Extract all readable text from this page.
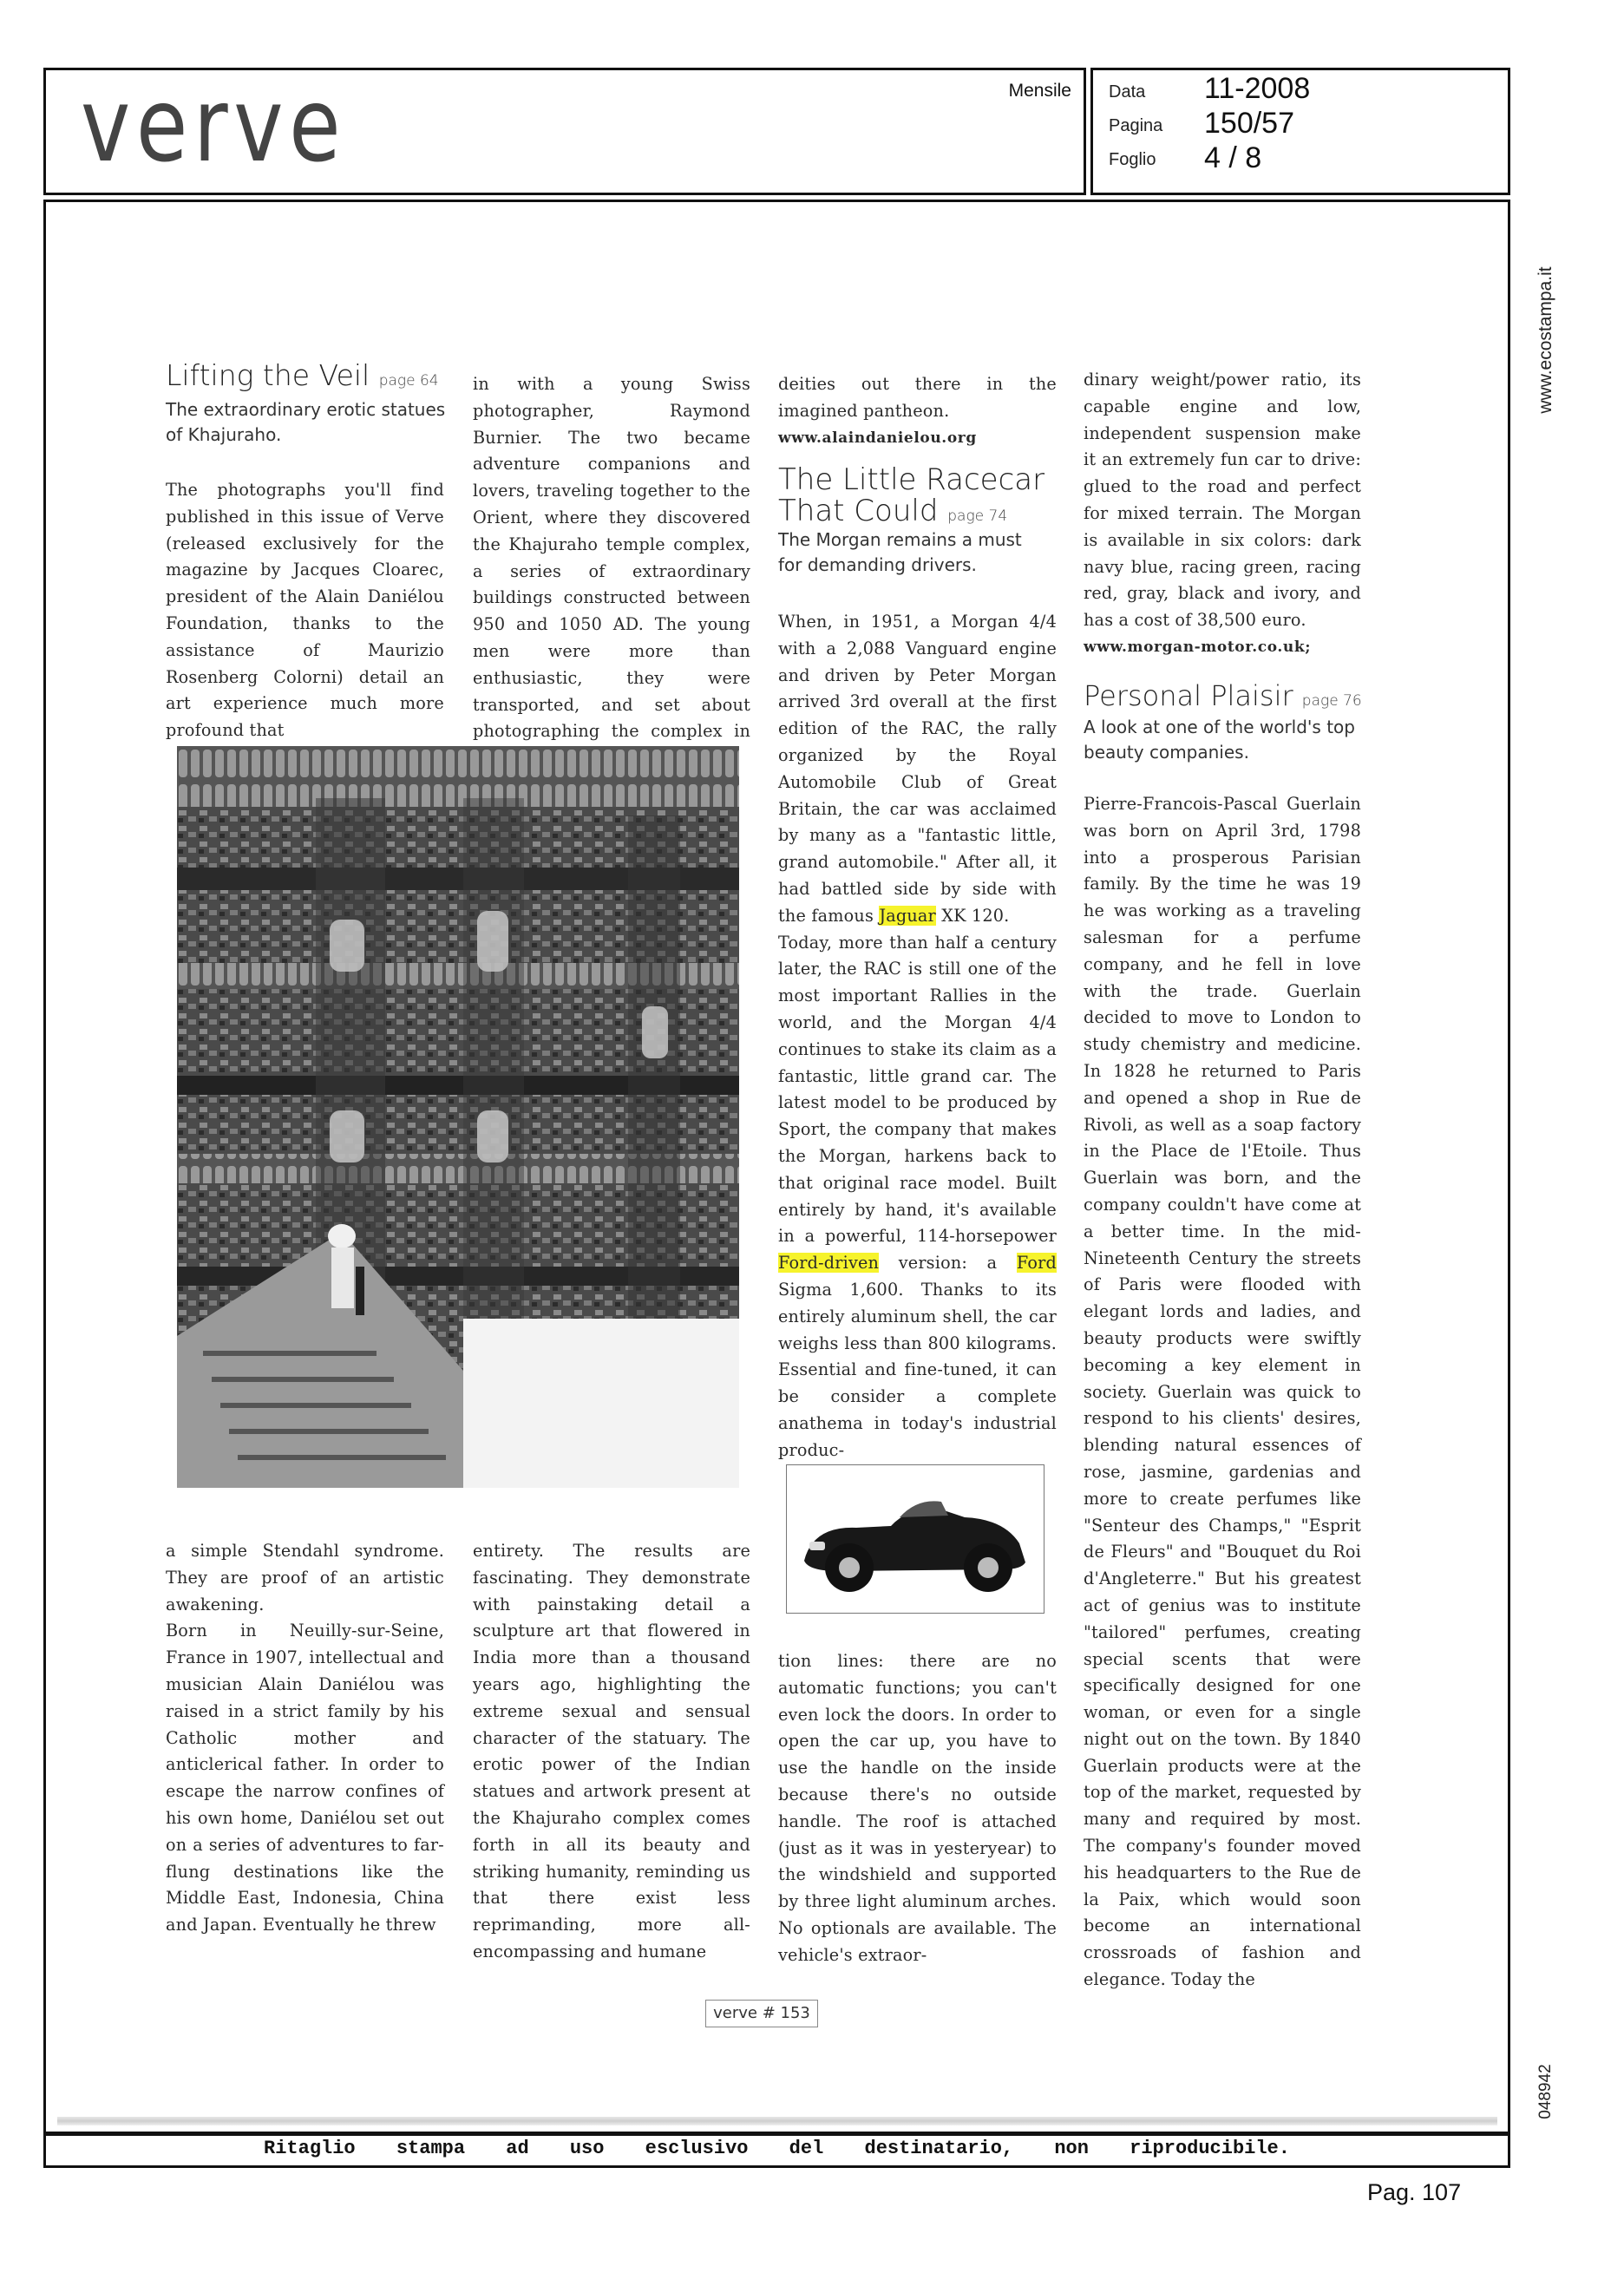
verve	Mensile Data 11-2008
Pagina 150/57
Foglio 4 / 8
www.ecostampa.it
048942
Lifting the Veil page 64
The extraordinary erotic statues of Khajuraho.

The photographs you'll find published in this issue of Verve (released exclusively for the magazine by Jacques Cloarec, president of the Alain Daniélou Foundation, thanks to the assistance of Maurizio Rosenberg Colorni) detail an art experience much more profound that

in with a young Swiss photographer, Raymond Burnier. The two became adventure companions and lovers, traveling together to the Orient, where they discovered the Khajuraho temple complex, a series of extraordinary buildings constructed between 950 and 1050 AD. The young men were more than enthusiastic, they were transported, and set about photographing the complex in

a simple Stendahl syndrome. They are proof of an artistic awakening.

Born in Neuilly-sur-Seine, France in 1907, intellectual and musician Alain Daniélou was raised in a strict family by his Catholic mother and anticlerical father. In order to escape the narrow confines of his own home, Daniélou set out on a series of adventures to far-flung destinations like the Middle East, Indonesia, China and Japan. Eventually he threw

entirety. The results are fascinating. They demonstrate with painstaking detail a sculpture art that flowered in India more than a thousand years ago, highlighting the extreme sexual and sensual character of the statuary. The erotic power of the Indian statues and artwork present at the Khajuraho complex comes forth in all its beauty and striking humanity, reminding us that there exist less reprimanding, more all-encompassing and humane

deities out there in the imagined pantheon.

www.alaindanielou.org

The Little Racecar
That Could page 74
The Morgan remains a must for demanding drivers.

When, in 1951, a Morgan 4/4 with a 2,088 Vanguard engine and driven by Peter Morgan arrived 3rd overall at the first edition of the RAC, the rally organized by the Royal Automobile Club of Great Britain, the car was acclaimed by many as a "fantastic little, grand automobile." After all, it had battled side by side with the famous Jaguar XK 120.

Today, more than half a century later, the RAC is still one of the most important Rallies in the world, and the Morgan 4/4 continues to stake its claim as a fantastic, little grand car. The latest model to be produced by Sport, the company that makes the Morgan, harkens back to that original race model. Built entirely by hand, it's available in a powerful, 114-horsepower Ford-driven version: a Ford Sigma 1,600. Thanks to its entirely aluminum shell, the car weighs less than 800 kilograms. Essential and fine-tuned, it can be consider a complete anathema in today's industrial produc-

tion lines: there are no automatic functions; you can't even lock the doors. In order to open the car up, you have to use the handle on the inside because there's no outside handle. The roof is attached (just as it was in yesteryear) to the windshield and supported by three light aluminum arches. No optionals are available. The vehicle's extraor-

dinary weight/power ratio, its capable engine and low, independent suspension make it an extremely fun car to drive: glued to the road and perfect for mixed terrain. The Morgan is available in six colors: dark navy blue, racing green, racing red, gray, black and ivory, and has a cost of 38,500 euro.

www.morgan-motor.co.uk;

Personal Plaisir page 76
A look at one of the world's top beauty companies.

Pierre-Francois-Pascal Guerlain was born on April 3rd, 1798 into a prosperous Parisian family. By the time he was 19 he was working as a traveling salesman for a perfume company, and he fell in love with the trade. Guerlain decided to move to London to study chemistry and medicine. In 1828 he returned to Paris and opened a shop in Rue de Rivoli, as well as a soap factory in the Place de l'Etoile. Thus Guerlain was born, and the company couldn't have come at a better time. In the mid-Nineteenth Century the streets of Paris were flooded with elegant lords and ladies, and beauty products were swiftly becoming a key element in society. Guerlain was quick to respond to his clients' desires, blending natural essences of rose, jasmine, gardenias and more to create perfumes like "Senteur des Champs," "Esprit de Fleurs" and "Bouquet du Roi d'Angleterre." But his greatest act of genius was to institute "tailored" perfumes, creating special scents that were specifically designed for one woman, or even for a single night out on the town. By 1840 Guerlain products were at the top of the market, requested by many and required by most. The company's founder moved his headquarters to the Rue de la Paix, which would soon become an international crossroads of fashion and elegance. Today the

verve # 153
Ritaglio stampa ad uso esclusivo del destinatario, non riproducibile.
Pag. 107
